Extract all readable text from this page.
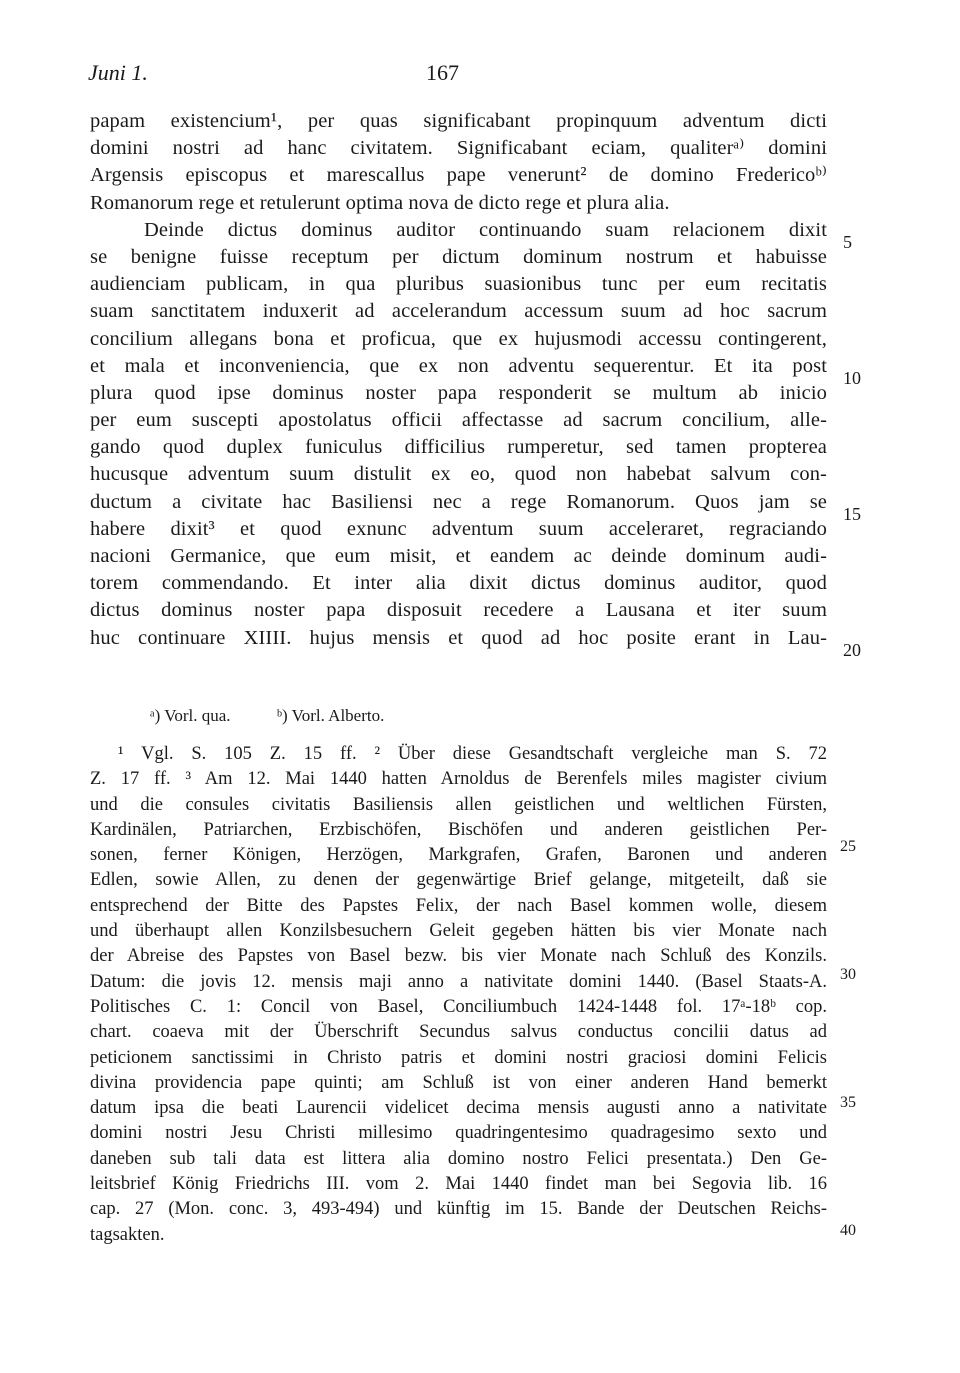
Juni 1.	167
papam existencium¹, per quas significabant propinquum adventum dicti
domini nostri ad hanc civitatem. Significabant eciam, qualiterᵃ⁾ domini
Argensis episcopus et marescallus pape venerunt² de domino Fredericoᵇ⁾
Romanorum rege et retulerunt optima nova de dicto rege et plura alia.
Deinde dictus dominus auditor continuando suam relacionem dixit
se benigne fuisse receptum per dictum dominum nostrum et habuisse
audienciam publicam, in qua pluribus suasionibus tunc per eum recitatis
suam sanctitatem induxerit ad accelerandum accessum suum ad hoc sacrum
concilium allegans bona et proficua, que ex hujusmodi accessu contingerent,
et mala et inconveniencia, que ex non adventu sequerentur. Et ita post
plura quod ipse dominus noster papa responderit se multum ab inicio
per eum suscepti apostolatus officii affectasse ad sacrum concilium, alle-
gando quod duplex funiculus difficilius rumperetur, sed tamen propterea
hucusque adventum suum distulit ex eo, quod non habebat salvum con-
ductum a civitate hac Basiliensi nec a rege Romanorum. Quos jam se
habere dixit³ et quod exnunc adventum suum acceleraret, regraciando
nacioni Germanice, que eum misit, et eandem ac deinde dominum audi-
torem commendando. Et inter alia dixit dictus dominus auditor, quod
dictus dominus noster papa disposuit recedere a Lausana et iter suum
huc continuare XIIII. hujus mensis et quod ad hoc posite erant in Lau-
5
10
15
20
ᵃ) Vorl. qua.	ᵇ) Vorl. Alberto.
¹ Vgl. S. 105 Z. 15 ff. ² Über diese Gesandtschaft vergleiche man S. 72
Z. 17 ff. ³ Am 12. Mai 1440 hatten Arnoldus de Berenfels miles magister civium
und die consules civitatis Basiliensis allen geistlichen und weltlichen Fürsten,
Kardinälen, Patriarchen, Erzbischöfen, Bischöfen und anderen geistlichen Per-
sonen, ferner Königen, Herzögen, Markgrafen, Grafen, Baronen und anderen
Edlen, sowie Allen, zu denen der gegenwärtige Brief gelange, mitgeteilt, daß sie
entsprechend der Bitte des Papstes Felix, der nach Basel kommen wolle, diesem
und überhaupt allen Konzilsbesuchern Geleit gegeben hätten bis vier Monate nach
der Abreise des Papstes von Basel bezw. bis vier Monate nach Schluß des Konzils.
Datum: die jovis 12. mensis maji anno a nativitate domini 1440. (Basel Staats-A.
Politisches C. 1: Concil von Basel, Conciliumbuch 1424-1448 fol. 17ᵃ-18ᵇ cop.
chart. coaeva mit der Überschrift Secundus salvus conductus concilii datus ad
peticionem sanctissimi in Christo patris et domini nostri graciosi domini Felicis
divina providencia pape quinti; am Schluß ist von einer anderen Hand bemerkt
datum ipsa die beati Laurencii videlicet decima mensis augusti anno a nativitate
domini nostri Jesu Christi millesimo quadringentesimo quadragesimo sexto und
daneben sub tali data est littera alia domino nostro Felici presentata.) Den Ge-
leitsbrief König Friedrichs III. vom 2. Mai 1440 findet man bei Segovia lib. 16
cap. 27 (Mon. conc. 3, 493-494) und künftig im 15. Bande der Deutschen Reichs-
tagsakten.
25
30
35
40
